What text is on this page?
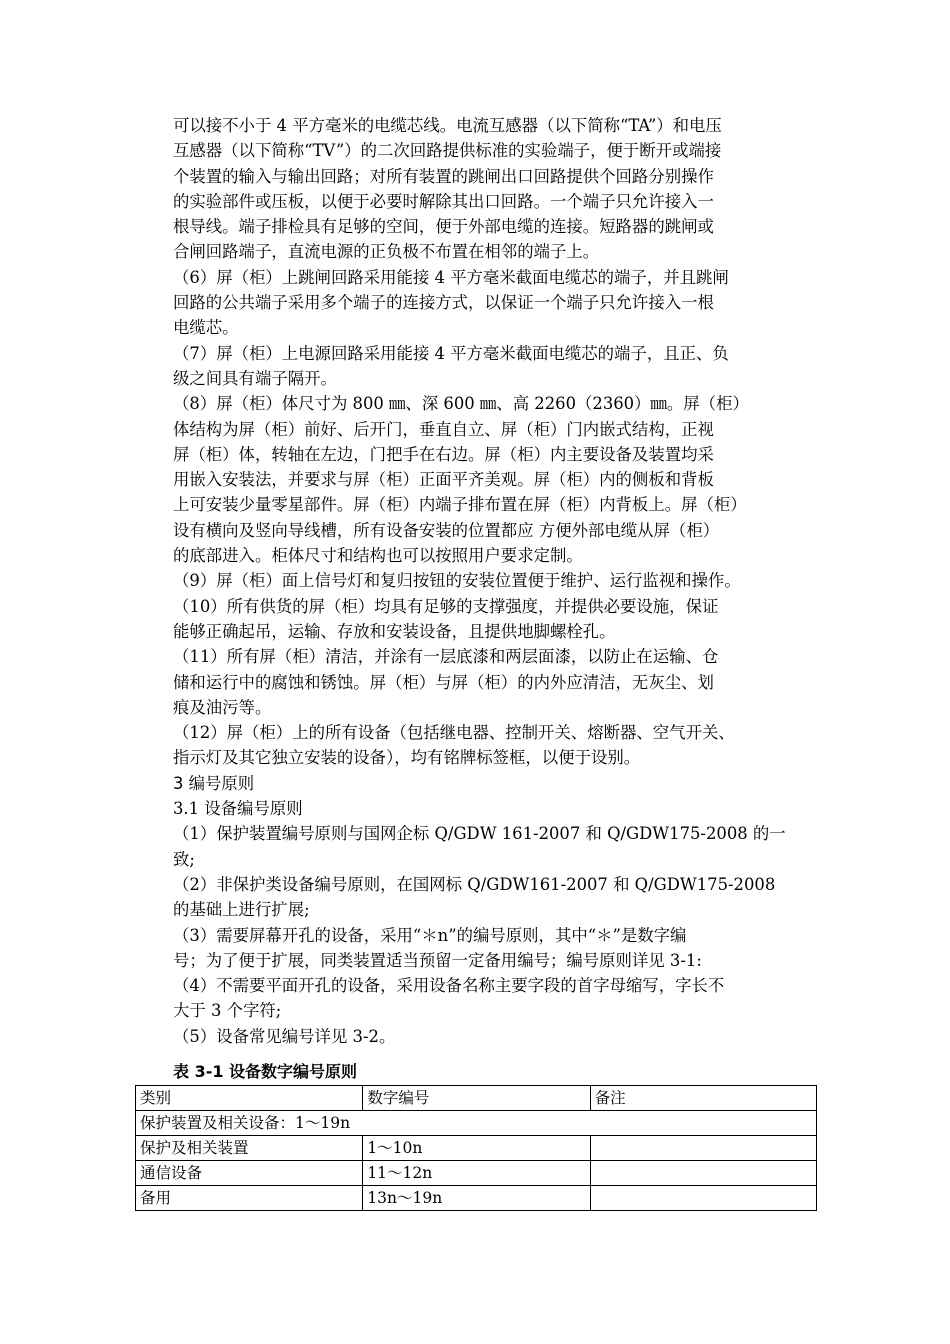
可以接不小于 4 平方毫米的电缆芯线。电流互感器（以下简称“TA”）和电压
互感器（以下简称“TV”）的二次回路提供标准的实验端子，便于断开或端接
个装置的输入与输出回路；对所有装置的跳闸出口回路提供个回路分别操作
的实验部件或压板，以便于必要时解除其出口回路。一个端子只允许接入一
根导线。端子排检具有足够的空间，便于外部电缆的连接。短路器的跳闸或
合闸回路端子，直流电源的正负极不布置在相邻的端子上。
（6）屏（柜）上跳闸回路采用能接 4 平方毫米截面电缆芯的端子，并且跳闸
回路的公共端子采用多个端子的连接方式，以保证一个端子只允许接入一根
电缆芯。
（7）屏（柜）上电源回路采用能接 4 平方毫米截面电缆芯的端子，且正、负
级之间具有端子隔开。
（8）屏（柜）体尺寸为 800 ㎜、深 600 ㎜、高 2260（2360）㎜。屏（柜）
体结构为屏（柜）前好、后开门，垂直自立、屏（柜）门内嵌式结构，正视
屏（柜）体，转轴在左边，门把手在右边。屏（柜）内主要设备及装置均采
用嵌入安装法，并要求与屏（柜）正面平齐美观。屏（柜）内的侧板和背板
上可安装少量零星部件。屏（柜）内端子排布置在屏（柜）内背板上。屏（柜）
设有横向及竖向导线槽，所有设备安装的位置都应 方便外部电缆从屏（柜）
的底部进入。柜体尺寸和结构也可以按照用户要求定制。
（9）屏（柜）面上信号灯和复归按钮的安装位置便于维护、运行监视和操作。
（10）所有供货的屏（柜）均具有足够的支撑强度，并提供必要设施，保证
能够正确起吊，运输、存放和安装设备，且提供地脚螺栓孔。
（11）所有屏（柜）清洁，并涂有一层底漆和两层面漆，以防止在运输、仓
储和运行中的腐蚀和锈蚀。屏（柜）与屏（柜）的内外应清洁，无灰尘、划
痕及油污等。
（12）屏（柜）上的所有设备（包括继电器、控制开关、熔断器、空气开关、
指示灯及其它独立安装的设备），均有铭牌标签框，以便于设别。
3 编号原则
3.1 设备编号原则
（1）保护装置编号原则与国网企标 Q/GDW 161-2007 和 Q/GDW175-2008 的一
致;
（2）非保护类设备编号原则，在国网标 Q/GDW161-2007 和 Q/GDW175-2008
的基础上进行扩展;
（3）需要屏幕开孔的设备，采用“＊n”的编号原则，其中“＊”是数字编
号；为了便于扩展，同类装置适当预留一定备用编号；编号原则详见 3-1:
（4）不需要平面开孔的设备，采用设备名称主要字段的首字母缩写，字长不
大于 3 个字符;
（5）设备常见编号详见 3-2。
表 3-1 设备数字编号原则
类别	数字编号	备注
保护装置及相关设备：1～19n		
保护及相关装置	1～10n	
通信设备	11～12n	
备用	13n～19n	
